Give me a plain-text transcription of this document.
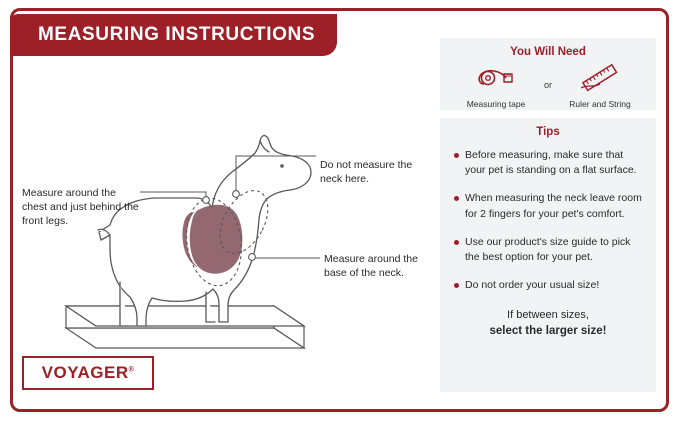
MEASURING INSTRUCTIONS
Measure around the chest and just behind the front legs.
Do not measure the neck here.
Measure around the base of the neck.
VOYAGER®
You Will Need
Measuring tape
or
Ruler and String
Tips
Before measuring, make sure that your pet is standing on a flat surface.
When measuring the neck leave room for 2 fingers for your pet's comfort.
Use our product's size guide to pick the best option for your pet.
Do not order your usual size!
If between sizes,
select the larger size!
